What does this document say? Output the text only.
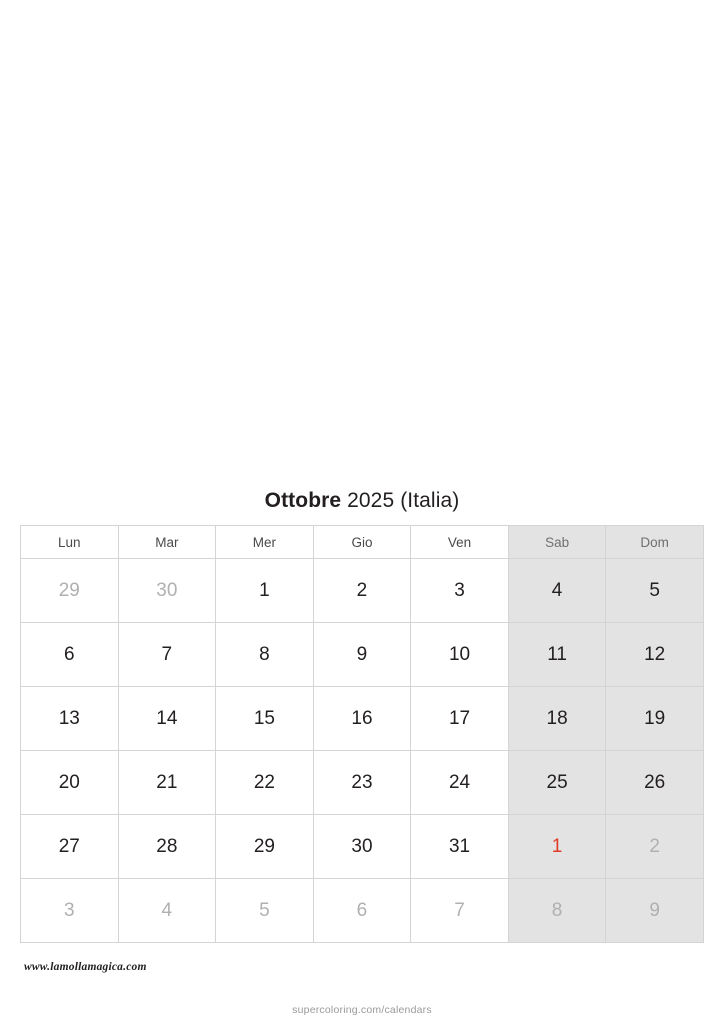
Ottobre 2025 (Italia)
Lun	Mar	Mer	Gio	Ven	Sab	Dom
29	30	1	2	3	4	5
6	7	8	9	10	11	12
13	14	15	16	17	18	19
20	21	22	23	24	25	26
27	28	29	30	31	1	2
3	4	5	6	7	8	9
www.lamollamagica.com
supercoloring.com/calendars
